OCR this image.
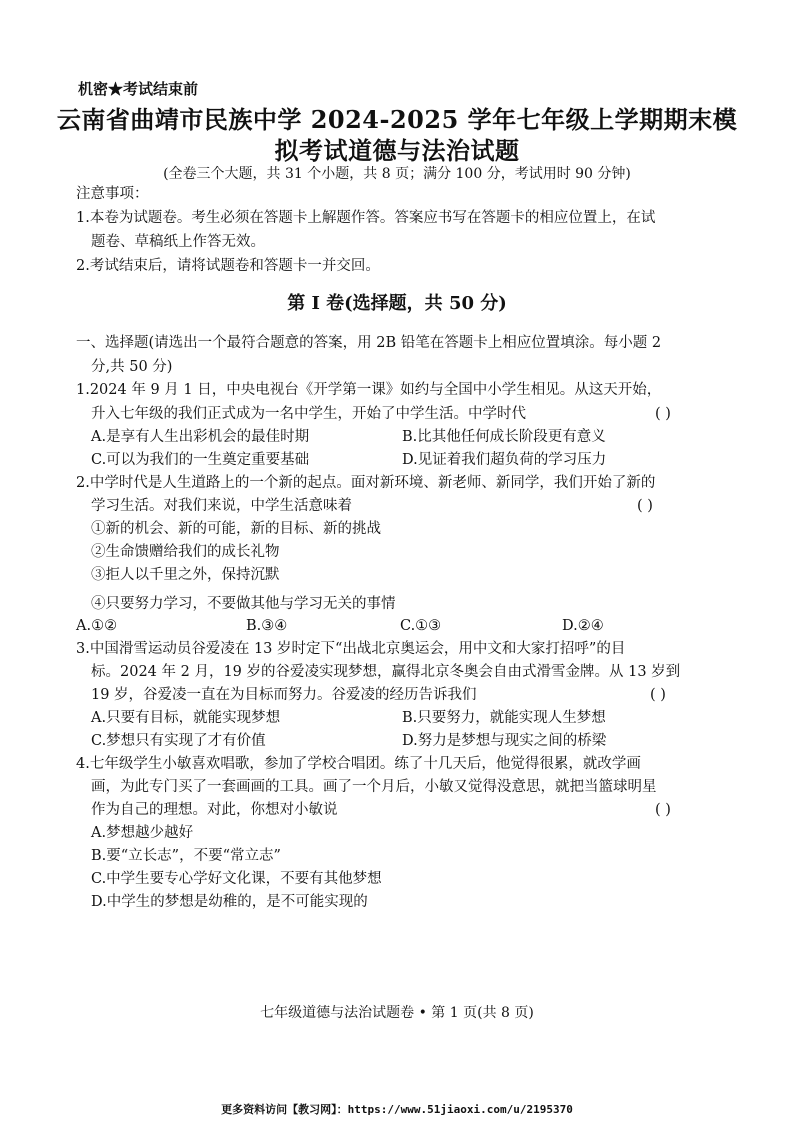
机密★考试结束前
云南省曲靖市民族中学 2024-2025 学年七年级上学期期末模
拟考试道德与法治试题
(全卷三个大题，共 31 个小题，共 8 页；满分 100 分，考试用时 90 分钟)
注意事项：
1.本卷为试题卷。考生必须在答题卡上解题作答。答案应书写在答题卡的相应位置上，在试
题卷、草稿纸上作答无效。
2.考试结束后，请将试题卷和答题卡一并交回。
第 I 卷(选择题，共 50 分)
一、选择题(请选出一个最符合题意的答案，用 2B 铅笔在答题卡上相应位置填涂。每小题 2
分,共 50 分)
1.2024 年 9 月 1 日，中央电视台《开学第一课》如约与全国中小学生相见。从这天开始，
升入七年级的我们正式成为一名中学生，开始了中学生活。中学时代	( )
A.是享有人生出彩机会的最佳时期	B.比其他任何成长阶段更有意义
C.可以为我们的一生奠定重要基础	D.见证着我们超负荷的学习压力
2.中学时代是人生道路上的一个新的起点。面对新环境、新老师、新同学，我们开始了新的
学习生活。对我们来说，中学生活意味着	( )
①新的机会、新的可能，新的目标、新的挑战
②生命馈赠给我们的成长礼物
③拒人以千里之外，保持沉默
④只要努力学习，不要做其他与学习无关的事情
A.①②	B.③④	C.①③	D.②④
3.中国滑雪运动员谷爱凌在 13 岁时定下“出战北京奥运会，用中文和大家打招呼”的目
标。2024 年 2 月，19 岁的谷爱凌实现梦想，赢得北京冬奥会自由式滑雪金牌。从 13 岁到
19 岁，谷爱凌一直在为目标而努力。谷爱凌的经历告诉我们	( )
A.只要有目标，就能实现梦想	B.只要努力，就能实现人生梦想
C.梦想只有实现了才有价值	D.努力是梦想与现实之间的桥梁
4.七年级学生小敏喜欢唱歌，参加了学校合唱团。练了十几天后，他觉得很累，就改学画
画，为此专门买了一套画画的工具。画了一个月后，小敏又觉得没意思，就把当篮球明星
作为自己的理想。对此，你想对小敏说	( )
A.梦想越少越好
B.要“立长志”，不要“常立志”
C.中学生要专心学好文化课，不要有其他梦想
D.中学生的梦想是幼稚的，是不可能实现的
七年级道德与法治试题卷 • 第 1 页(共 8 页)
更多资料访问【教习网】：https://www.51jiaoxi.com/u/2195370
